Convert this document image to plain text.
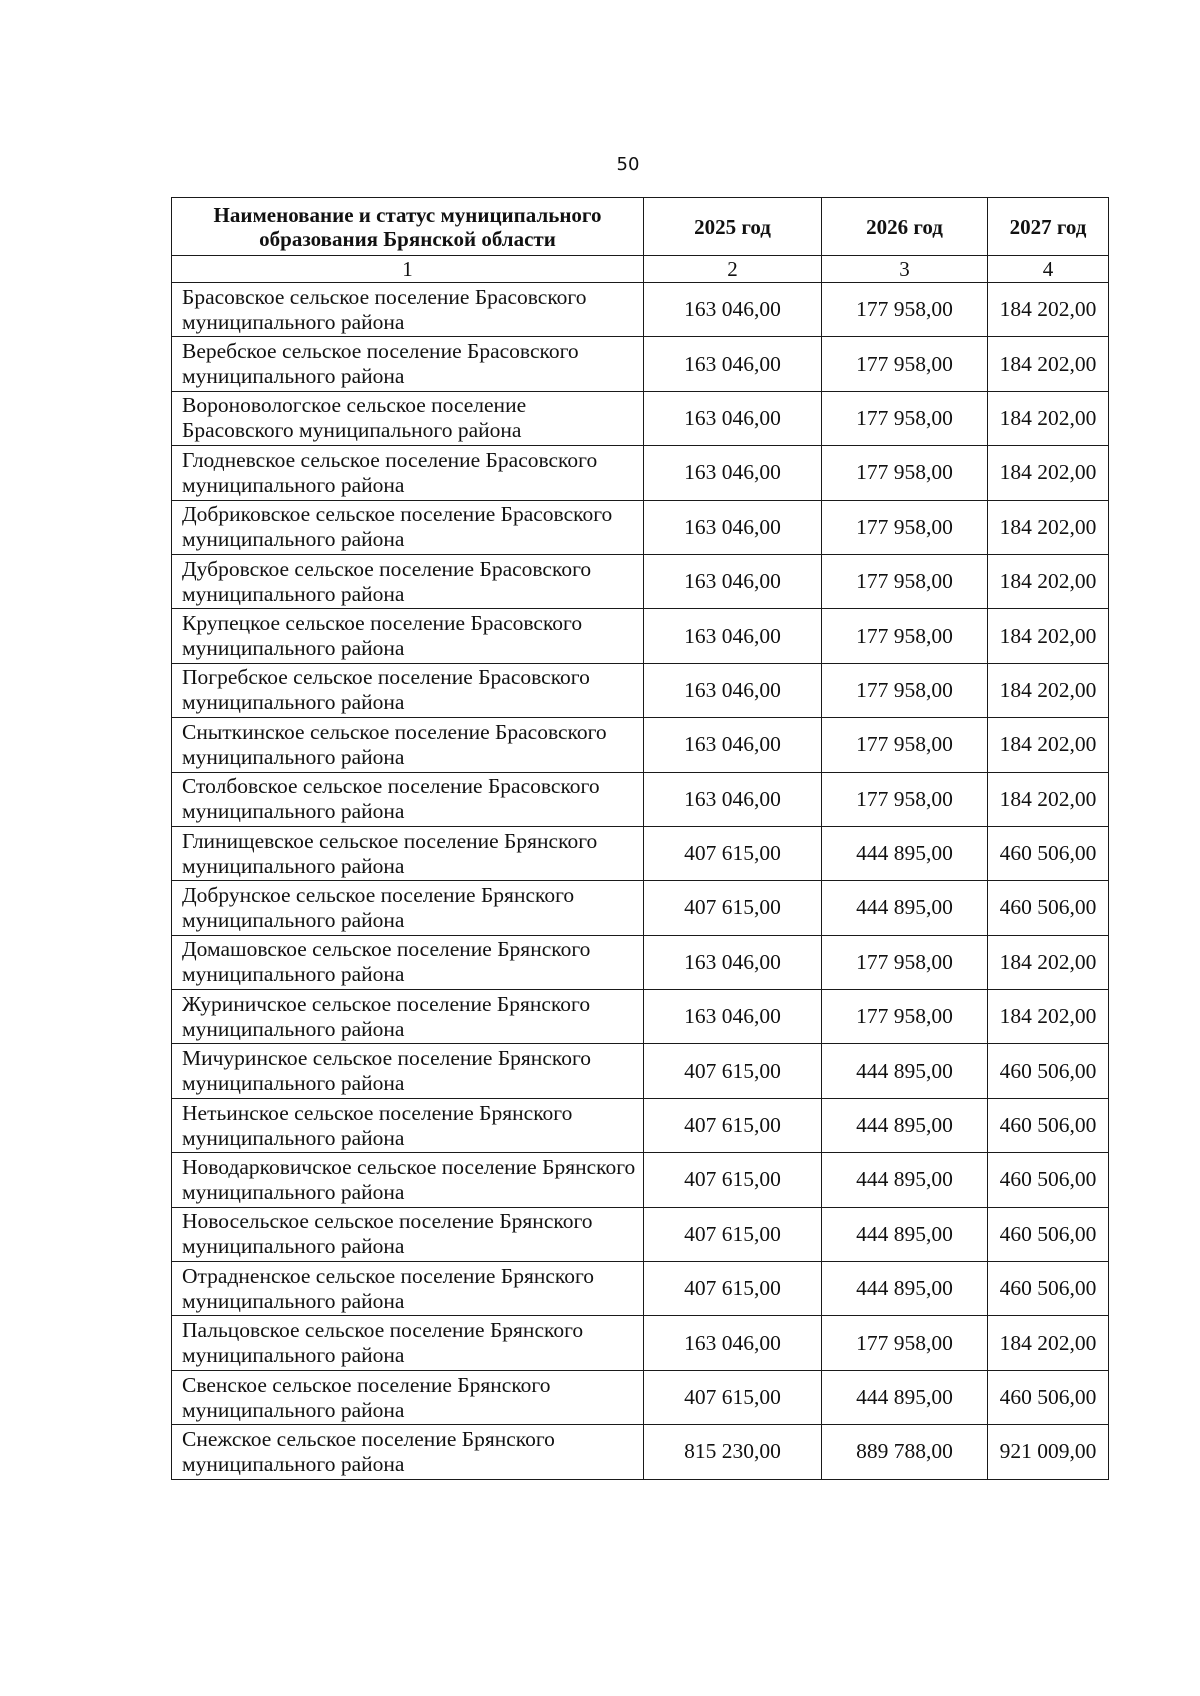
50
Наименование и статус муниципального образования Брянской области	2025 год	2026 год	2027 год
1	2	3	4
Брасовское сельское поселение Брасовского муниципального района	163 046,00	177 958,00	184 202,00
Веребское сельское поселение Брасовского муниципального района	163 046,00	177 958,00	184 202,00
Вороновологское сельское поселение Брасовского муниципального района	163 046,00	177 958,00	184 202,00
Глодневское сельское поселение Брасовского муниципального района	163 046,00	177 958,00	184 202,00
Добриковское сельское поселение Брасовского муниципального района	163 046,00	177 958,00	184 202,00
Дубровское сельское поселение Брасовского муниципального района	163 046,00	177 958,00	184 202,00
Крупецкое сельское поселение Брасовского муниципального района	163 046,00	177 958,00	184 202,00
Погребское сельское поселение Брасовского муниципального района	163 046,00	177 958,00	184 202,00
Сныткинское сельское поселение Брасовского муниципального района	163 046,00	177 958,00	184 202,00
Столбовское сельское поселение Брасовского муниципального района	163 046,00	177 958,00	184 202,00
Глинищевское сельское поселение Брянского муниципального района	407 615,00	444 895,00	460 506,00
Добрунское сельское поселение Брянского муниципального района	407 615,00	444 895,00	460 506,00
Домашовское сельское поселение Брянского муниципального района	163 046,00	177 958,00	184 202,00
Журиничское сельское поселение Брянского муниципального района	163 046,00	177 958,00	184 202,00
Мичуринское сельское поселение Брянского муниципального района	407 615,00	444 895,00	460 506,00
Нетьинское сельское поселение Брянского муниципального района	407 615,00	444 895,00	460 506,00
Новодарковичское сельское поселение Брянского муниципального района	407 615,00	444 895,00	460 506,00
Новосельское сельское поселение Брянского муниципального района	407 615,00	444 895,00	460 506,00
Отрадненское сельское поселение Брянского муниципального района	407 615,00	444 895,00	460 506,00
Пальцовское сельское поселение Брянского муниципального района	163 046,00	177 958,00	184 202,00
Свенское сельское поселение Брянского муниципального района	407 615,00	444 895,00	460 506,00
Снежское сельское поселение Брянского муниципального района	815 230,00	889 788,00	921 009,00
